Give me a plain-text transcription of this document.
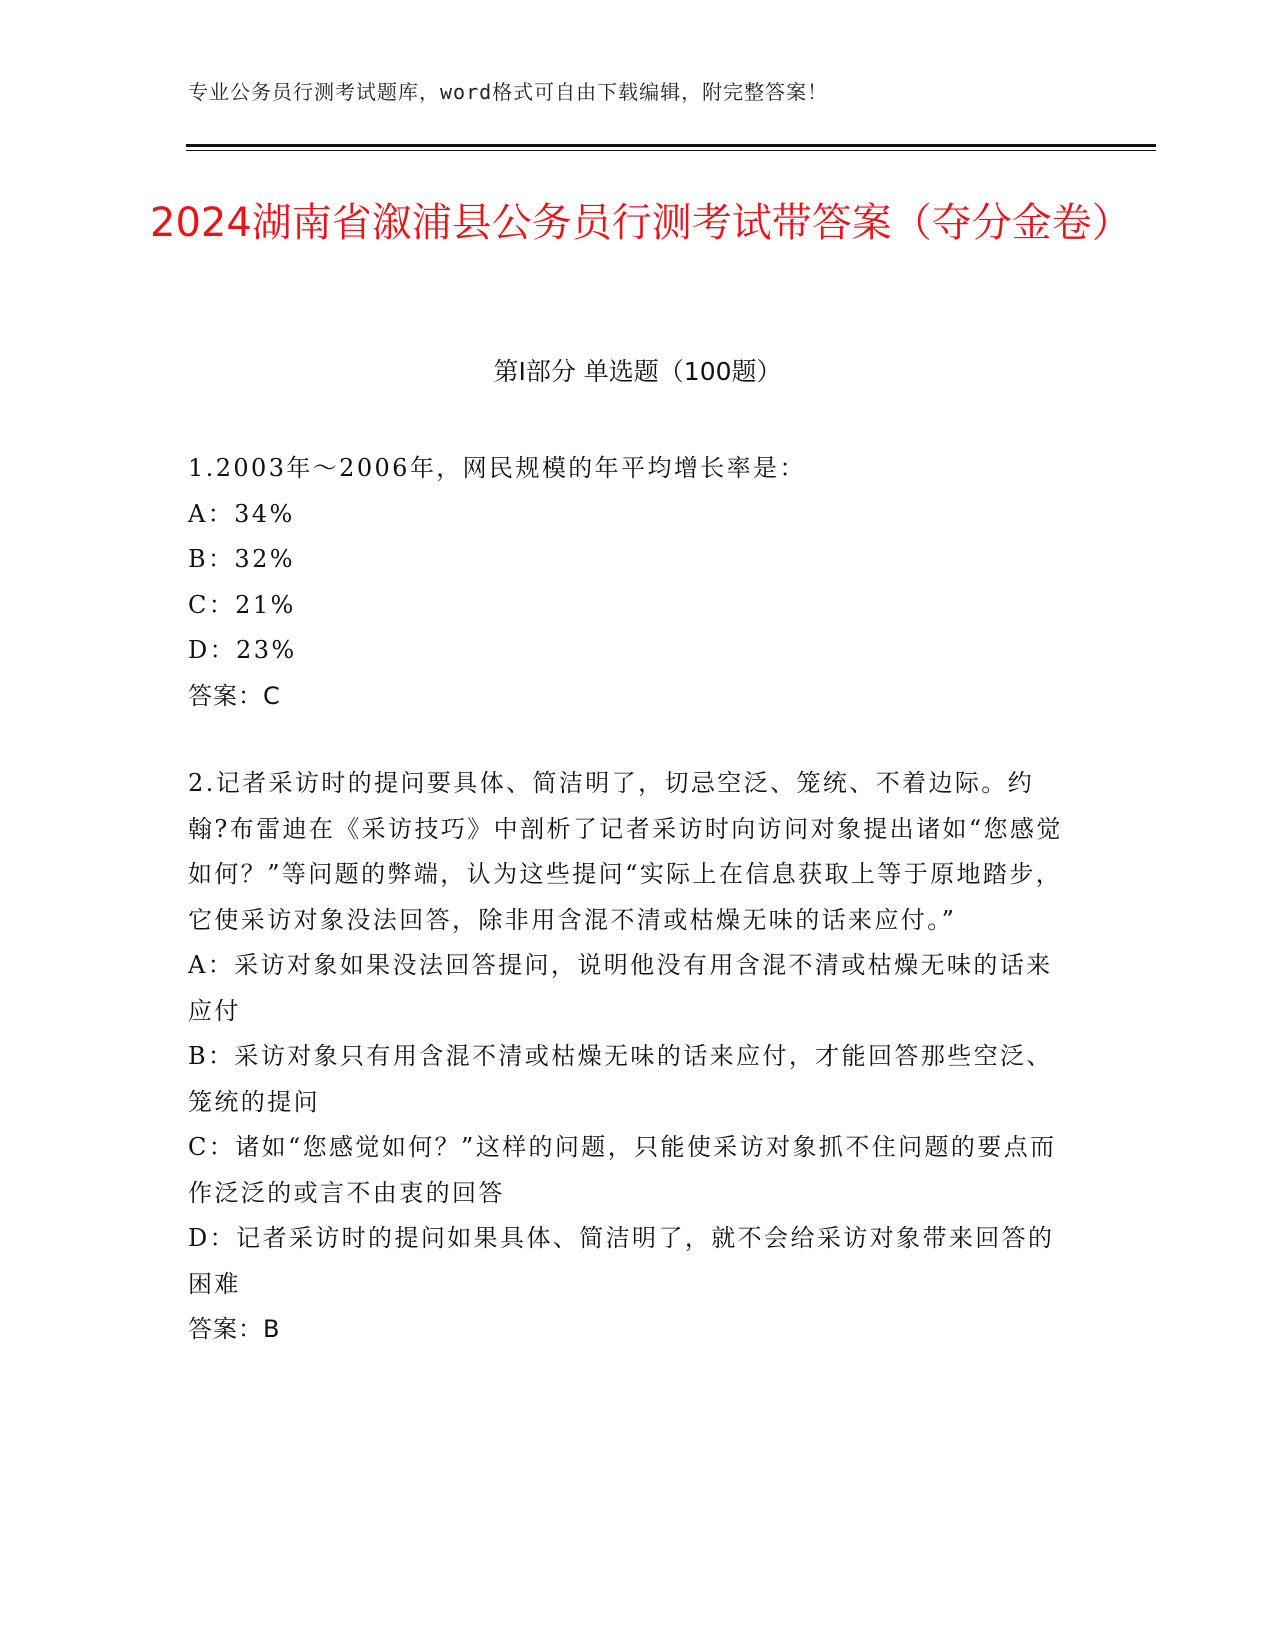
专业公务员行测考试题库，word格式可自由下载编辑，附完整答案！
2024湖南省溆浦县公务员行测考试带答案（夺分金卷）
第Ⅰ部分 单选题（100题）

1.2003年～2006年，网民规模的年平均增长率是：

A：34%

B：32%

C：21%

D：23%

答案：C

2.记者采访时的提问要具体、简洁明了，切忌空泛、笼统、不着边际。约翰?布雷迪在《采访技巧》中剖析了记者采访时向访问对象提出诸如“您感觉如何？”等问题的弊端，认为这些提问“实际上在信息获取上等于原地踏步，它使采访对象没法回答，除非用含混不清或枯燥无味的话来应付。”

A：采访对象如果没法回答提问，说明他没有用含混不清或枯燥无味的话来应付

B：采访对象只有用含混不清或枯燥无味的话来应付，才能回答那些空泛、笼统的提问

C：诸如“您感觉如何？”这样的问题，只能使采访对象抓不住问题的要点而作泛泛的或言不由衷的回答

D：记者采访时的提问如果具体、简洁明了，就不会给采访对象带来回答的困难

答案：B
